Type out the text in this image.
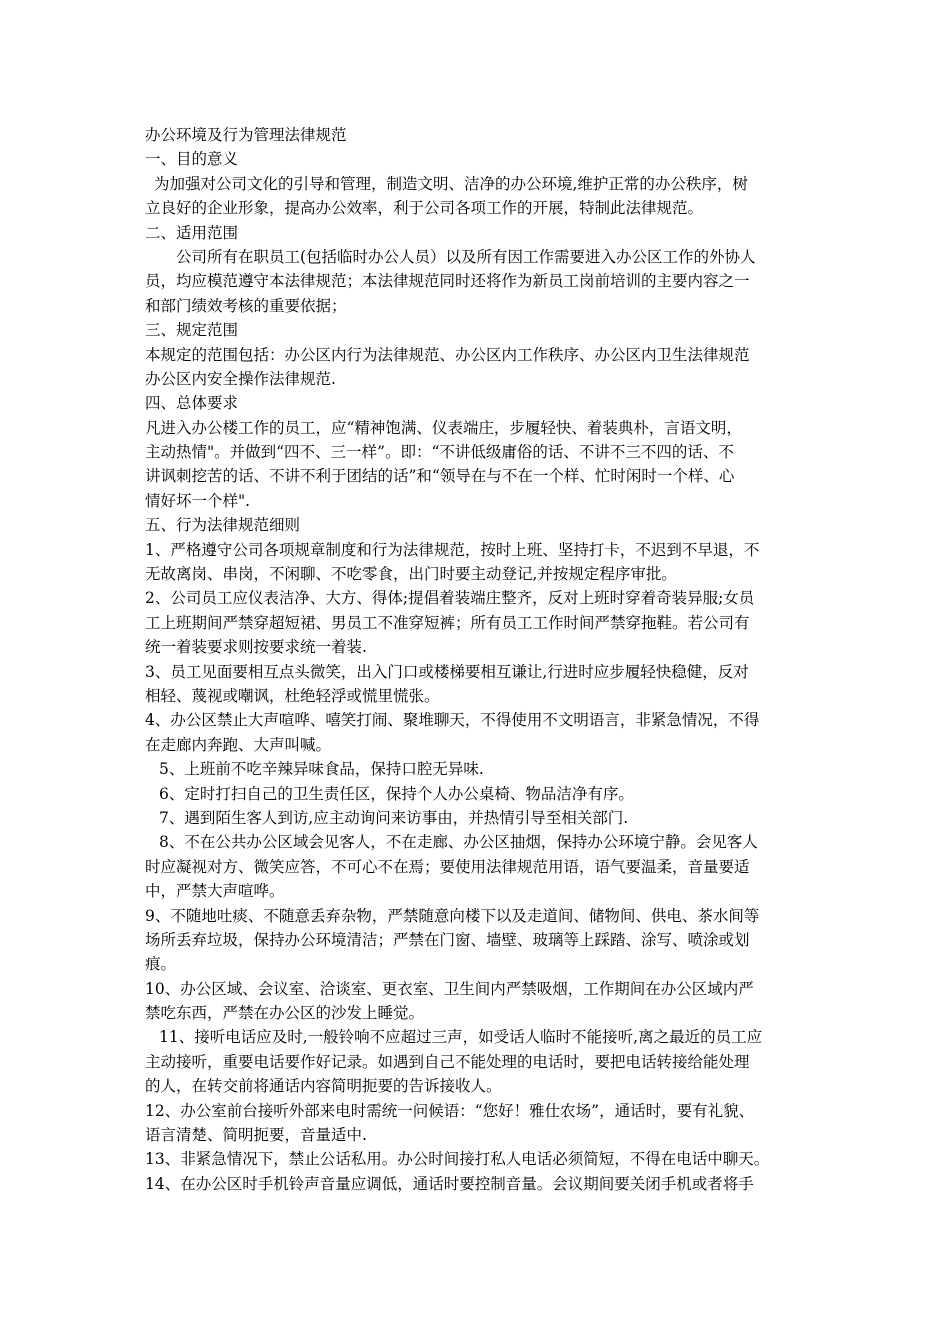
办公环境及行为管理法律规范
一、目的意义
为加强对公司文化的引导和管理，制造文明、洁净的办公环境,维护正常的办公秩序，树
立良好的企业形象，提高办公效率，利于公司各项工作的开展，特制此法律规范。
二、适用范围
公司所有在职员工(包括临时办公人员）以及所有因工作需要进入办公区工作的外协人
员，均应模范遵守本法律规范；本法律规范同时还将作为新员工岗前培训的主要内容之一
和部门绩效考核的重要依据；
三、规定范围
本规定的范围包括：办公区内行为法律规范、办公区内工作秩序、办公区内卫生法律规范
办公区内安全操作法律规范.
四、总体要求
凡进入办公楼工作的员工，应“精神饱满、仪表端庄，步履轻快、着装典朴，言语文明，
主动热情"。并做到“四不、三一样”。即：“不讲低级庸俗的话、不讲不三不四的话、不
讲讽刺挖苦的话、不讲不利于团结的话”和“领导在与不在一个样、忙时闲时一个样、心
情好坏一个样".
五、行为法律规范细则
1、严格遵守公司各项规章制度和行为法律规范，按时上班、坚持打卡，不迟到不早退，不
无故离岗、串岗，不闲聊、不吃零食，出门时要主动登记,并按规定程序审批。
2、公司员工应仪表洁净、大方、得体;提倡着装端庄整齐，反对上班时穿着奇装异服;女员
工上班期间严禁穿超短裙、男员工不准穿短裤；所有员工工作时间严禁穿拖鞋。若公司有
统一着装要求则按要求统一着装.
3、员工见面要相互点头微笑，出入门口或楼梯要相互谦让,行进时应步履轻快稳健，反对
相轻、蔑视或嘲讽，杜绝轻浮或慌里慌张。
4、办公区禁止大声喧哗、嘻笑打闹、聚堆聊天，不得使用不文明语言，非紧急情况，不得
在走廊内奔跑、大声叫喊。
5、上班前不吃辛辣异味食品，保持口腔无异味.
6、定时打扫自己的卫生责任区，保持个人办公桌椅、物品洁净有序。
7、遇到陌生客人到访,应主动询问来访事由，并热情引导至相关部门.
8、不在公共办公区域会见客人，不在走廊、办公区抽烟，保持办公环境宁静。会见客人
时应凝视对方、微笑应答，不可心不在焉；要使用法律规范用语，语气要温柔，音量要适
中，严禁大声喧哗。
9、不随地吐痰、不随意丢弃杂物，严禁随意向楼下以及走道间、储物间、供电、茶水间等
场所丢弃垃圾，保持办公环境清洁；严禁在门窗、墙壁、玻璃等上踩踏、涂写、喷涂或划
痕。
10、办公区域、会议室、洽谈室、更衣室、卫生间内严禁吸烟，工作期间在办公区域内严
禁吃东西，严禁在办公区的沙发上睡觉。
11、接听电话应及时,一般铃响不应超过三声，如受话人临时不能接听,离之最近的员工应
主动接听，重要电话要作好记录。如遇到自己不能处理的电话时，要把电话转接给能处理
的人，在转交前将通话内容简明扼要的告诉接收人。
12、办公室前台接听外部来电时需统一问候语：“您好！雅仕农场”，通话时，要有礼貌、
语言清楚、简明扼要，音量适中.
13、非紧急情况下，禁止公话私用。办公时间接打私人电话必须简短，不得在电话中聊天。
14、在办公区时手机铃声音量应调低，通话时要控制音量。会议期间要关闭手机或者将手
